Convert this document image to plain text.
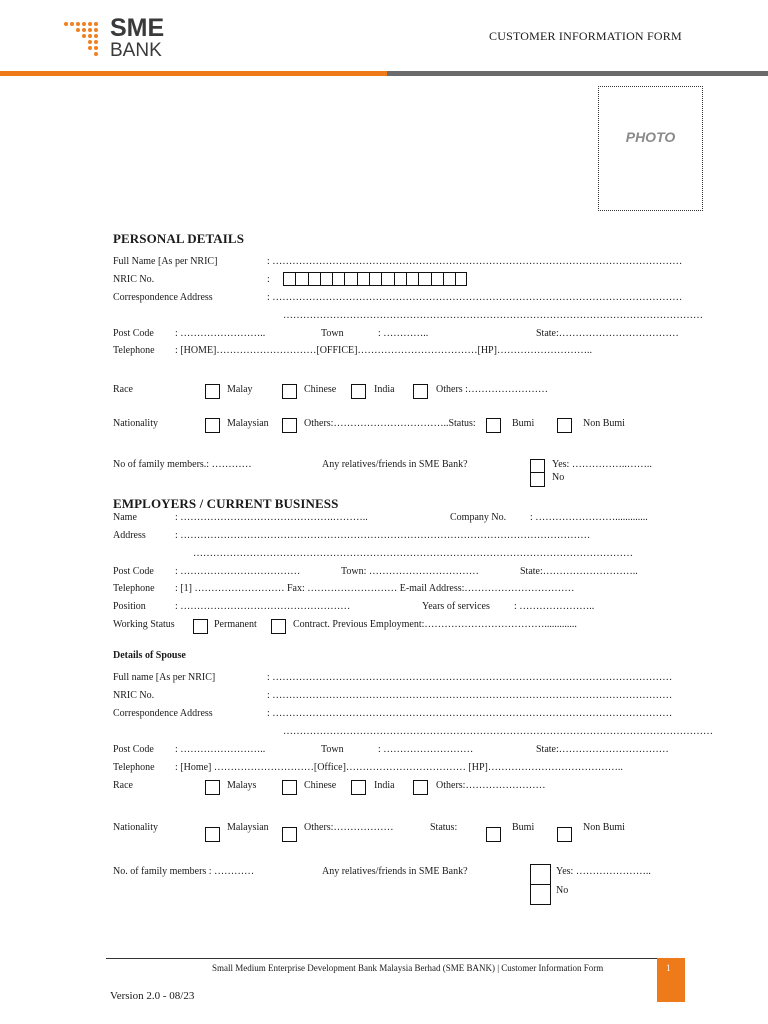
SME
BANK
CUSTOMER INFORMATION FORM
PHOTO
PERSONAL DETAILS
Full Name [As per NRIC]	: ……………………………………………………………………………………………………………
NRIC No.	:
Correspondence Address	: ……………………………………………………………………………………………………………
………………………………………………………………………………………………………………
Post Code : ……………………..	Town	: …………..	State:………………………………
Telephone : [HOME]…………………………[OFFICE]………………………………[HP]………………………..
Race	Malay	Chinese	India	Others :……………………
Nationality	Malaysian	Others:……………………………..Status:	Bumi	Non Bumi
No of family members.: …………	Any relatives/friends in SME Bank?	Yes: ……………..……..
No
EMPLOYERS / CURRENT BUSINESS
Name	: ……………………………………….………..	Company No. : …………………….............
Address	: ……………………………………………………………………………………………………………
……………………………………………………………………………………………………………………
Post Code : ………………………………	Town: ……………………………	State:………………………..
Telephone : [1] ……………………… Fax: ……………………… E-mail Address:……………………………
Position	: ……………………………………………	Years of services : …………………..
Working Status	Permanent	Contract. Previous Employment:……………………………….............
Details of Spouse
Full name [As per NRIC]	: …………………………………………………………………………………………………………
NRIC No.	: …………………………………………………………………………………………………………
Correspondence Address	: …………………………………………………………………………………………………………
…………………………………………………………………………………………………………………
Post Code : ……………………..	Town	: ………………………	State:……………………………
Telephone : [Home] …………………………[Office]……………………………… [HP]…………………………………..
Race	Malays	Chinese	India	Others:……………………
Nationality	Malaysian	Others:………………	Status:	Bumi	Non Bumi
No. of family members : …………	Any relatives/friends in SME Bank?	Yes: …………………..
No
Small Medium Enterprise Development Bank Malaysia Berhad (SME BANK) | Customer Information Form	1
Version 2.0 - 08/23
